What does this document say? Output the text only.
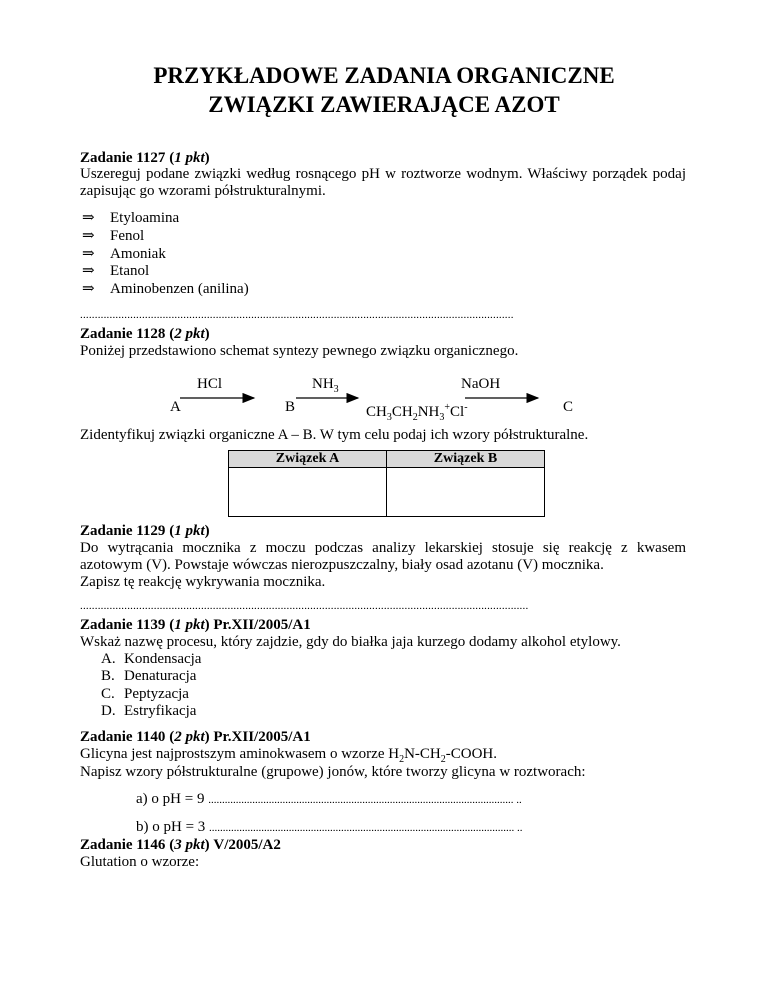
PRZYKŁADOWE ZADANIA ORGANICZNE
ZWIĄZKI ZAWIERAJĄCE AZOT
Zadanie 1127 (1 pkt)
Uszereguj podane związki według rosnącego pH w roztworze wodnym. Właściwy porządek podaj zapisując go wzorami półstrukturalnymi.
⇒ Etyloamina
⇒ Fenol
⇒ Amoniak
⇒ Etanol
⇒ Aminobenzen (anilina)
...................................................................................................................................................
Zadanie 1128 (2 pkt)
Poniżej przedstawiono schemat syntezy pewnego związku organicznego.
HCl	$NH_3$	NaOH
A	B	$CH_3CH_2NH_3^+Cl^-$	C
Zidentyfikuj związki organiczne A – B. W tym celu podaj ich wzory półstrukturalne.
Związek A	Związek B

Zadanie 1129 (1 pkt)
Do wytrącania mocznika z moczu podczas analizy lekarskiej stosuje się reakcję z kwasem azotowym (V). Powstaje wówczas nierozpuszczalny, biały osad azotanu (V) mocznika.
Zapisz tę reakcję wykrywania mocznika.
........................................................................................................................................................
Zadanie 1139 (1 pkt) Pr.XII/2005/A1
Wskaż nazwę procesu, który zajdzie, gdy do białka jaja kurzego dodamy alkohol etylowy.
A. Kondensacja
B. Denaturacja
C. Peptyzacja
D. Estryfikacja
Zadanie 1140 (2 pkt) Pr.XII/2005/A1
Glicyna jest najprostszym aminokwasem o wzorze $H_2N-CH_2$-COOH.
Napisz wzory półstrukturalne (grupowe) jonów, które tworzy glicyna w roztworach:
a) o pH = 9 ............................................................................................................... ..
b) o pH = 3 ............................................................................................................... ..
Zadanie 1146 (3 pkt) V/2005/A2
Glutation o wzorze:
